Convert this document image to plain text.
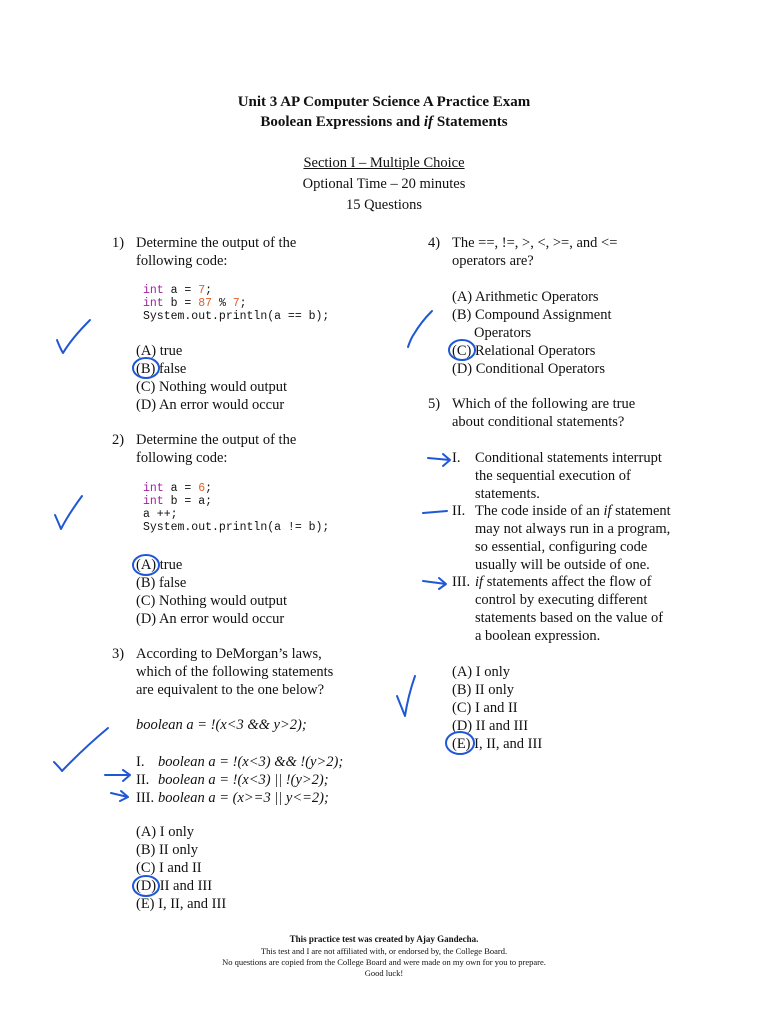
Unit 3 AP Computer Science A Practice Exam
Boolean Expressions and if Statements
Section I – Multiple Choice
Optional Time – 20 minutes
15 Questions
1) Determine the output of the
following code:
int a = 7;
int b = 87 % 7;
System.out.println(a == b);
(A) true
(B) false
(C) Nothing would output
(D) An error would occur
2) Determine the output of the
following code:
int a = 6;
int b = a;
a ++;
System.out.println(a != b);
(A) true
(B) false
(C) Nothing would output
(D) An error would occur
3) According to DeMorgan’s laws,
which of the following statements
are equivalent to the one below?
boolean a = !(x<3 && y>2);
I. boolean a = !(x<3) && !(y>2);
II. boolean a = !(x<3) || !(y>2);
III. boolean a = (x>=3 || y<=2);
(A) I only
(B) II only
(C) I and II
(D) II and III
(E) I, II, and III
4) The ==, !=, >, <, >=, and <=
operators are?
(A) Arithmetic Operators
(B) Compound Assignment
Operators
(C) Relational Operators
(D) Conditional Operators
5) Which of the following are true
about conditional statements?
I. Conditional statements interrupt
the sequential execution of
statements.
II. The code inside of an if statement
may not always run in a program,
so essential, configuring code
usually will be outside of one.
III. if statements affect the flow of
control by executing different
statements based on the value of
a boolean expression.
(A) I only
(B) II only
(C) I and II
(D) II and III
(E) I, II, and III
This practice test was created by Ajay Gandecha.
This test and I are not affiliated with, or endorsed by, the College Board.
No questions are copied from the College Board and were made on my own for you to prepare.
Good luck!
